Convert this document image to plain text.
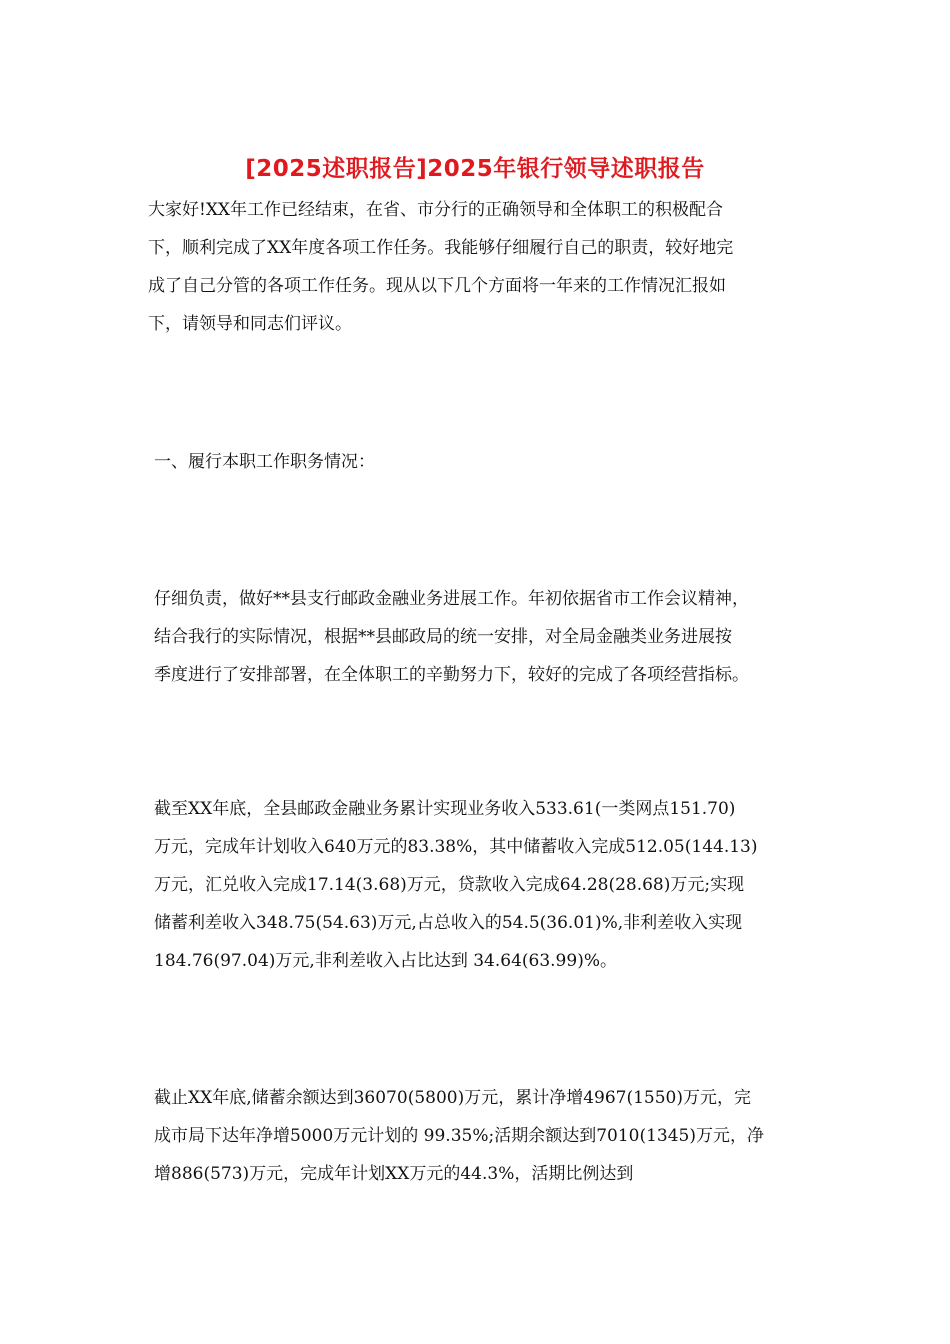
[2025述职报告]2025年银行领导述职报告

大家好!XX年工作已经结束，在省、市分行的正确领导和全体职工的积极配合
下，顺利完成了XX年度各项工作任务。我能够仔细履行自己的职责，较好地完
成了自己分管的各项工作任务。现从以下几个方面将一年来的工作情况汇报如
下，请领导和同志们评议。

一、履行本职工作职务情况：

仔细负责，做好**县支行邮政金融业务进展工作。年初依据省市工作会议精神，
结合我行的实际情况，根据**县邮政局的统一安排，对全局金融类业务进展按
季度进行了安排部署，在全体职工的辛勤努力下，较好的完成了各项经营指标。

截至XX年底，全县邮政金融业务累计实现业务收入533.61(一类网点151.70)
万元，完成年计划收入640万元的83.38%，其中储蓄收入完成512.05(144.13)
万元，汇兑收入完成17.14(3.68)万元，贷款收入完成64.28(28.68)万元;实现
储蓄利差收入348.75(54.63)万元,占总收入的54.5(36.01)%,非利差收入实现
184.76(97.04)万元,非利差收入占比达到 34.64(63.99)%。

截止XX年底,储蓄余额达到36070(5800)万元，累计净增4967(1550)万元，完
成市局下达年净增5000万元计划的 99.35%;活期余额达到7010(1345)万元，净
增886(573)万元，完成年计划XX万元的44.3%，活期比例达到
